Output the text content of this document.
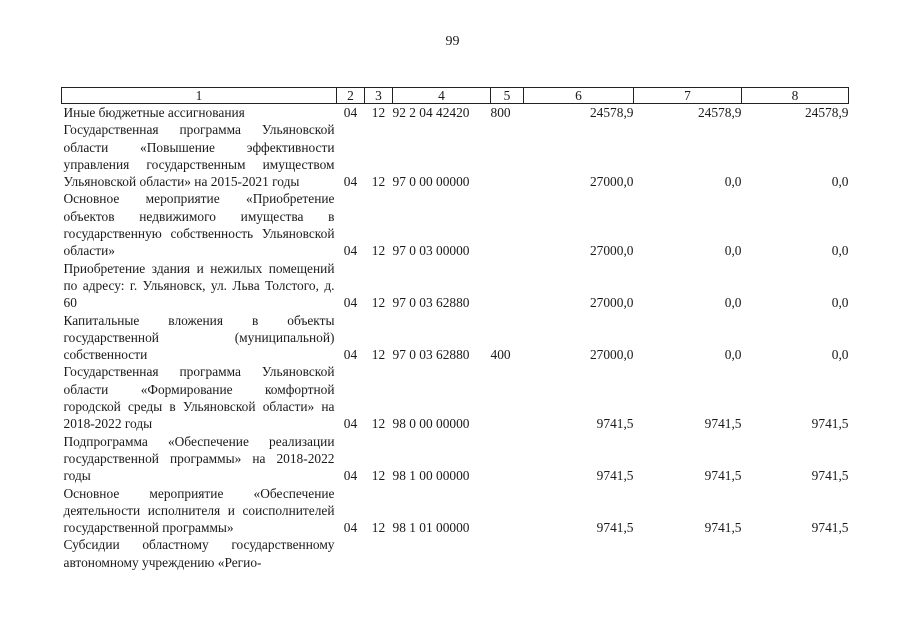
99
1	2	3	4	5	6	7	8
Иные бюджетные ассигнования	04	12	92 2 04 42420	800	24578,9	24578,9	24578,9
Государственная программа Ульяновской области «Повышение эффективности управления государственным имуществом Ульяновской области» на 2015-2021 годы	04	12	97 0 00 00000		27000,0	0,0	0,0
Основное мероприятие «Приобретение объектов недвижимого имущества в государственную собственность Ульяновской области»	04	12	97 0 03 00000		27000,0	0,0	0,0
Приобретение здания и нежилых помещений по адресу: г. Ульяновск, ул. Льва Толстого, д. 60	04	12	97 0 03 62880		27000,0	0,0	0,0
Капитальные вложения в объекты государственной (муниципальной) собственности	04	12	97 0 03 62880	400	27000,0	0,0	0,0
Государственная программа Ульяновской области «Формирование комфортной городской среды в Ульяновской области» на 2018-2022 годы	04	12	98 0 00 00000		9741,5	9741,5	9741,5
Подпрограмма «Обеспечение реализации государственной программы» на 2018-2022 годы	04	12	98 1 00 00000		9741,5	9741,5	9741,5
Основное мероприятие «Обеспечение деятельности исполнителя и соисполнителей государственной программы»	04	12	98 1 01 00000		9741,5	9741,5	9741,5
Субсидии областному государственному автономному учреждению «Регио-							
